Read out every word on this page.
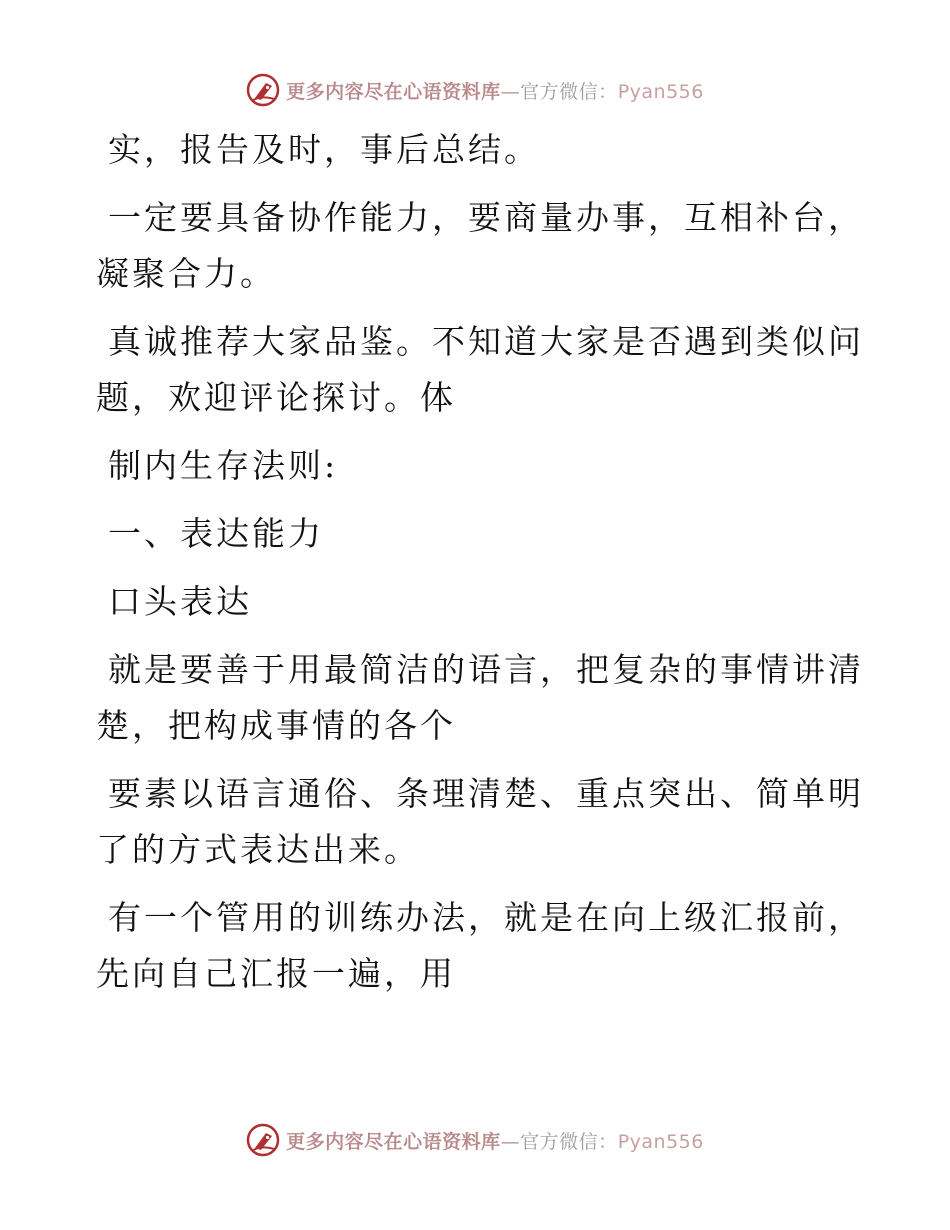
更多内容尽在心语资料库—官方微信：Pyan556

实，报告及时，事后总结。

一定要具备协作能力，要商量办事，互相补台，
凝聚合力。

真诚推荐大家品鉴。不知道大家是否遇到类似问
题，欢迎评论探讨。体

制内生存法则:

一、表达能力

口头表达

就是要善于用最简洁的语言，把复杂的事情讲清
楚，把构成事情的各个

要素以语言通俗、条理清楚、重点突出、简单明
了的方式表达出来。

有一个管用的训练办法，就是在向上级汇报前，
先向自己汇报一遍，用

更多内容尽在心语资料库—官方微信：Pyan556
